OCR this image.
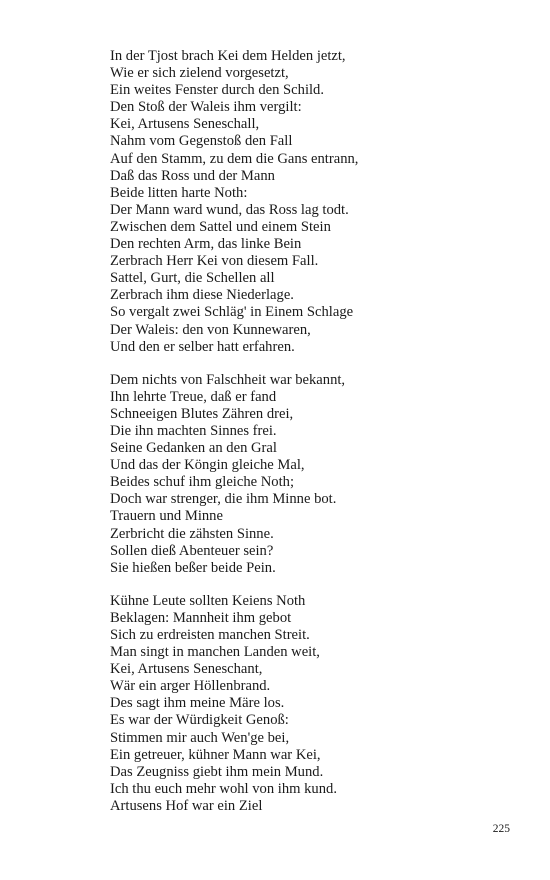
In der Tjost brach Kei dem Helden jetzt,
Wie er sich zielend vorgesetzt,
Ein weites Fenster durch den Schild.
Den Stoß der Waleis ihm vergilt:
Kei, Artusens Seneschall,
Nahm vom Gegenstoß den Fall
Auf den Stamm, zu dem die Gans entrann,
Daß das Ross und der Mann
Beide litten harte Noth:
Der Mann ward wund, das Ross lag todt.
Zwischen dem Sattel und einem Stein
Den rechten Arm, das linke Bein
Zerbrach Herr Kei von diesem Fall.
Sattel, Gurt, die Schellen all
Zerbrach ihm diese Niederlage.
So vergalt zwei Schläg' in Einem Schlage
Der Waleis: den von Kunnewaren,
Und den er selber hatt erfahren.
Dem nichts von Falschheit war bekannt,
Ihn lehrte Treue, daß er fand
Schneeigen Blutes Zähren drei,
Die ihn machten Sinnes frei.
Seine Gedanken an den Gral
Und das der Köngin gleiche Mal,
Beides schuf ihm gleiche Noth;
Doch war strenger, die ihm Minne bot.
Trauern und Minne
Zerbricht die zähsten Sinne.
Sollen dieß Abenteuer sein?
Sie hießen beßer beide Pein.
Kühne Leute sollten Keiens Noth
Beklagen: Mannheit ihm gebot
Sich zu erdreisten manchen Streit.
Man singt in manchen Landen weit,
Kei, Artusens Seneschant,
Wär ein arger Höllenbrand.
Des sagt ihm meine Märe los.
Es war der Würdigkeit Genoß:
Stimmen mir auch Wen'ge bei,
Ein getreuer, kühner Mann war Kei,
Das Zeugniss giebt ihm mein Mund.
Ich thu euch mehr wohl von ihm kund.
Artusens Hof war ein Ziel
225
